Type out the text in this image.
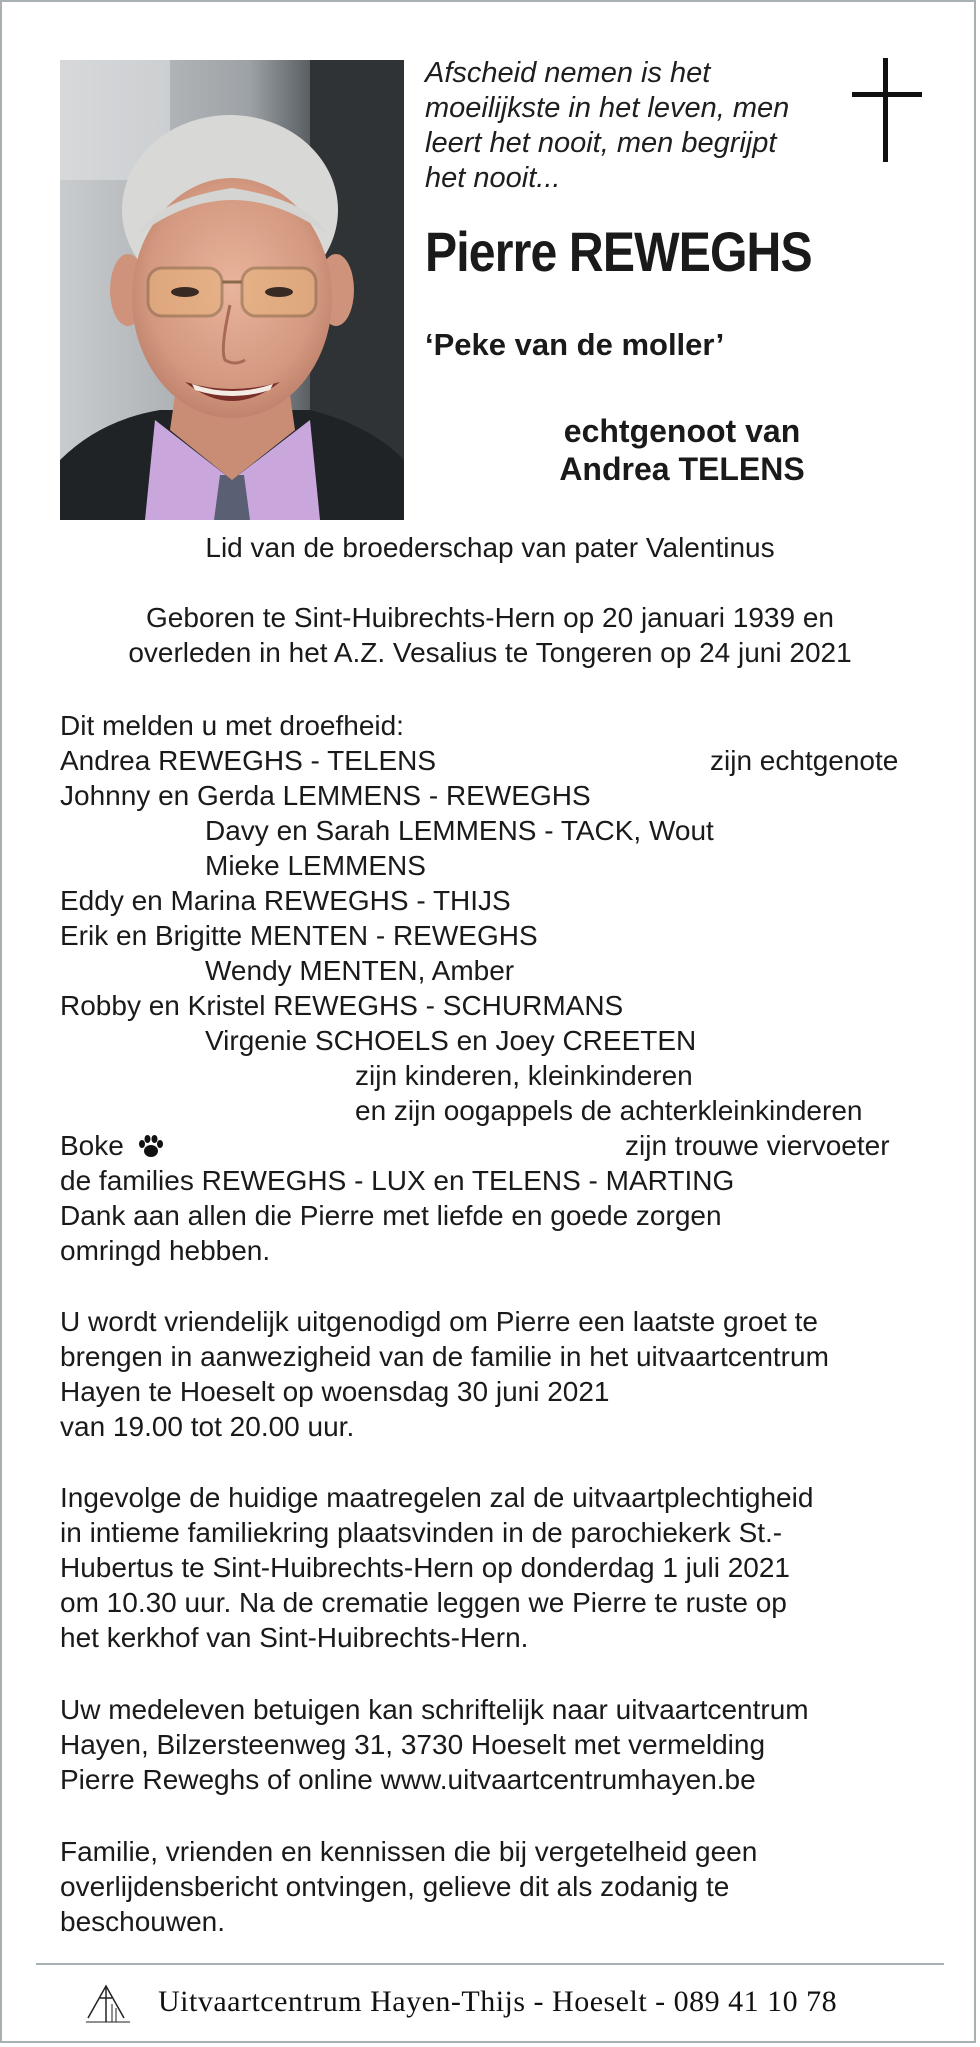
Afscheid nemen is het
moeilijkste in het leven, men
leert het nooit, men begrijpt
het nooit...
Pierre REWEGHS
‘Peke van de moller’
echtgenoot van
Andrea TELENS
Lid van de broederschap van pater Valentinus
Geboren te Sint-Huibrechts-Hern op 20 januari 1939 en
overleden in het A.Z. Vesalius te Tongeren op 24 juni 2021
Dit melden u met droefheid:
Andrea REWEGHS - TELENS	zijn echtgenote
Johnny en Gerda LEMMENS - REWEGHS
Davy en Sarah LEMMENS - TACK, Wout
Mieke LEMMENS
Eddy en Marina REWEGHS - THIJS
Erik en Brigitte MENTEN - REWEGHS
Wendy MENTEN, Amber
Robby en Kristel REWEGHS - SCHURMANS
Virgenie SCHOELS en Joey CREETEN
zijn kinderen, kleinkinderen
en zijn oogappels de achterkleinkinderen
Boke	zijn trouwe viervoeter
de families REWEGHS - LUX en TELENS - MARTING
Dank aan allen die Pierre met liefde en goede zorgen
omringd hebben.
U wordt vriendelijk uitgenodigd om Pierre een laatste groet te
brengen in aanwezigheid van de familie in het uitvaartcentrum
Hayen te Hoeselt op woensdag 30 juni 2021
van 19.00 tot 20.00 uur.
Ingevolge de huidige maatregelen zal de uitvaartplechtigheid
in intieme familiekring plaatsvinden in de parochiekerk St.-
Hubertus te Sint-Huibrechts-Hern op donderdag 1 juli 2021
om 10.30 uur. Na de crematie leggen we Pierre te ruste op
het kerkhof van Sint-Huibrechts-Hern.
Uw medeleven betuigen kan schriftelijk naar uitvaartcentrum
Hayen, Bilzersteenweg 31, 3730 Hoeselt met vermelding
Pierre Reweghs of online www.uitvaartcentrumhayen.be
Familie, vrienden en kennissen die bij vergetelheid geen
overlijdensbericht ontvingen, gelieve dit als zodanig te
beschouwen.
Uitvaartcentrum Hayen-Thijs - Hoeselt - 089 41 10 78
